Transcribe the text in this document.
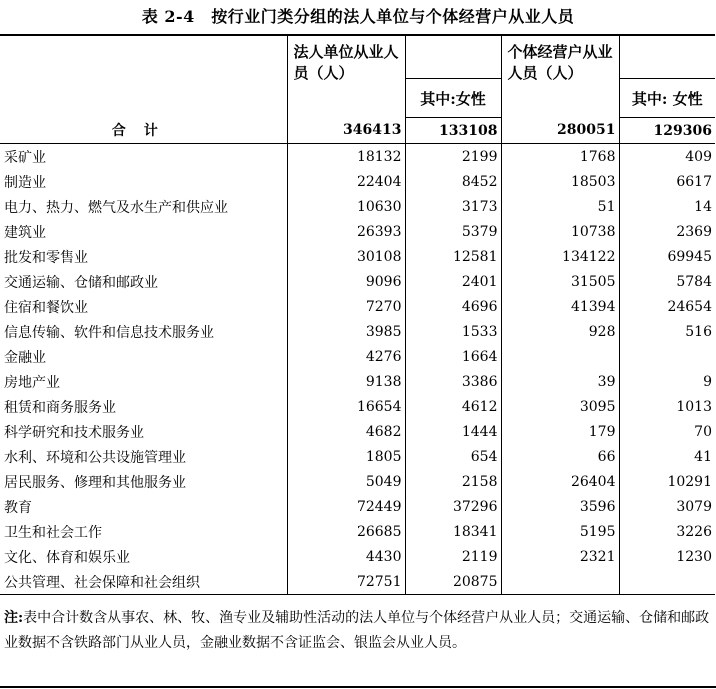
表 2-4　按行业门类分组的法人单位与个体经营户从业人员
	法人单位从业人员（人）		个体经营户从业人员（人）	
		其中:女性		其中: 女性
合计	346413	133108	280051	129306
采矿业	18132	2199	1768	409
制造业	22404	8452	18503	6617
电力、热力、燃气及水生产和供应业	10630	3173	51	14
建筑业	26393	5379	10738	2369
批发和零售业	30108	12581	134122	69945
交通运输、仓储和邮政业	9096	2401	31505	5784
住宿和餐饮业	7270	4696	41394	24654
信息传输、软件和信息技术服务业	3985	1533	928	516
金融业	4276	1664		
房地产业	9138	3386	39	9
租赁和商务服务业	16654	4612	3095	1013
科学研究和技术服务业	4682	1444	179	70
水利、环境和公共设施管理业	1805	654	66	41
居民服务、修理和其他服务业	5049	2158	26404	10291
教育	72449	37296	3596	3079
卫生和社会工作	26685	18341	5195	3226
文化、体育和娱乐业	4430	2119	2321	1230
公共管理、社会保障和社会组织	72751	20875		
注:表中合计数含从事农、林、牧、渔专业及辅助性活动的法人单位与个体经营户从业人员；交通运输、仓储和邮政业数据不含铁路部门从业人员，金融业数据不含证监会、银监会从业人员。
